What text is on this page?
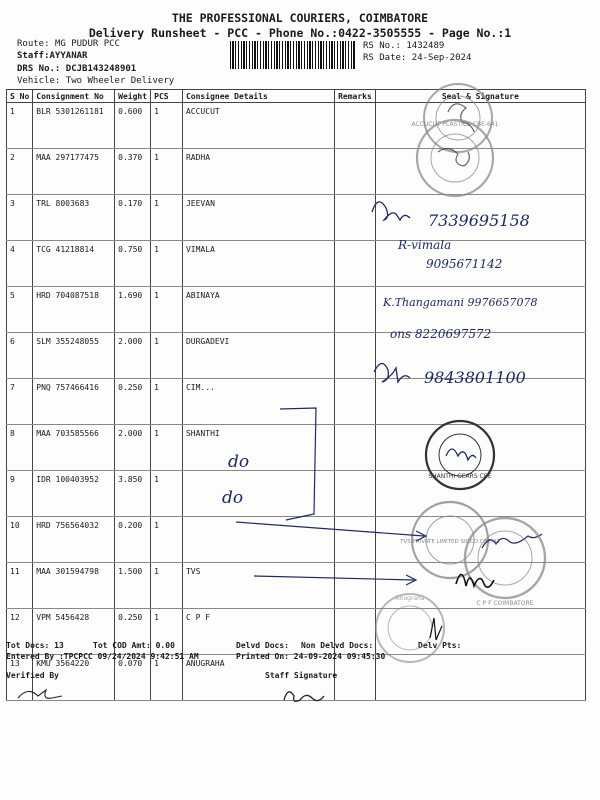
THE PROFESSIONAL COURIERS, COIMBATORE
Delivery Runsheet - PCC - Phone No.:0422-3505555 - Page No.:1
Route: MG PUDUR PCC
Staff:AYYANAR
DRS No.: DCJB143248901
Vehicle: Two Wheeler Delivery
RS No.: 1432489
RS Date: 24-Sep-2024
S No	Consignment No	Weight	PCS	Consignee Details	Remarks	Seal & Signature
1	BLR 5301261181	0.600	1	ACCUCUT		
2	MAA 297177475	0.370	1	RADHA		
3	TRL 8003683	0.170	1	JEEVAN		
4	TCG 41218814	0.750	1	VIMALA		
5	HRD 704087518	1.690	1	ABINAYA		
6	SLM 355248055	2.000	1	DURGADEVI		
7	PNQ 757466416	0.250	1	CIM...		
8	MAA 703585566	2.000	1	SHANTHI		
9	IDR 100403952	3.850	1			
10	HRD 756564032	0.200	1			
11	MAA 301594798	1.500	1	TVS		
12	VPM 5456428	0.250	1	C P F		
13	KMU 3564220	0.070	1	ANUGRAHA		
Tot Docs: 13	Tot COD Amt: 0.00	Delvd Docs: Non Delvd Docs:	Delv Pts:
Entered By :TPCPCC 09/24/2024 9:42:51 AM	Printed On: 24-09-2024 09:45:30
Verified By	Staff Signature
ACCUCUT PLASTICS CBE-641
7339695158
R-vimala
9095671142
K.Thangamani 9976657078
ons 8220697572
9843801100
do
do
SHANTHI GEARS CBE
TVS PRIVATE LIMITED SIDCO CBE-41
C P F COIMBATORE
Anugraha
